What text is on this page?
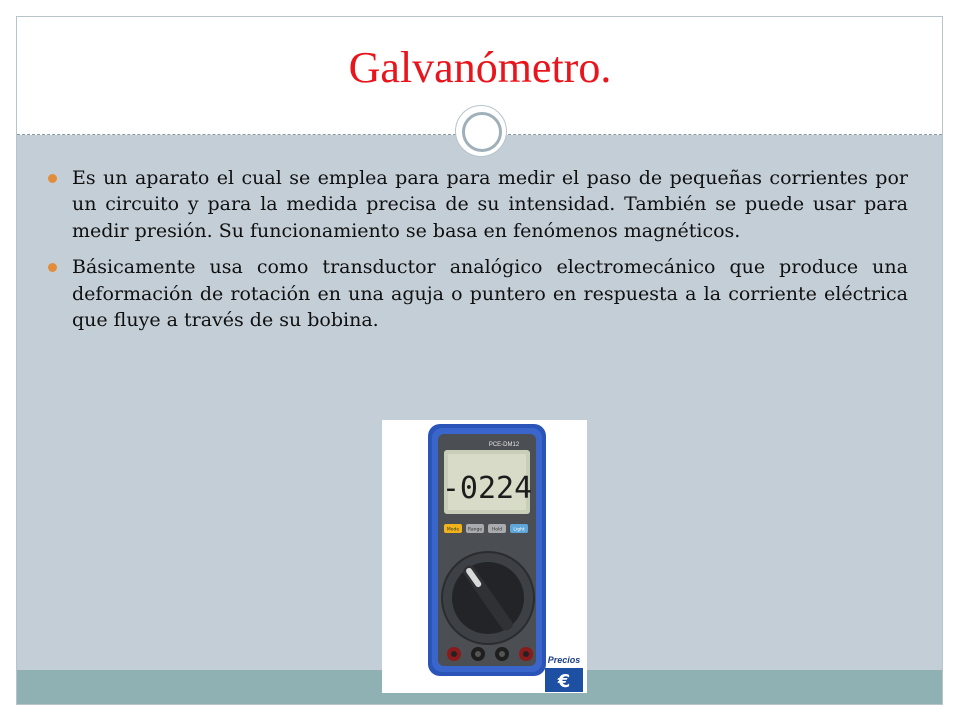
Galvanómetro.
Es un aparato el cual se emplea para para medir el paso de pequeñas corrientes por un circuito y para la medida precisa de su intensidad. También se puede usar para medir presión. Su funcionamiento se basa en fenómenos magnéticos.
Básicamente usa como transductor analógico electromecánico que produce una deformación de rotación en una aguja o puntero en respuesta a la corriente eléctrica que fluye a través de su bobina.
PCE-DM12
-0224
Mode Range Hold	Light
Precios
€
